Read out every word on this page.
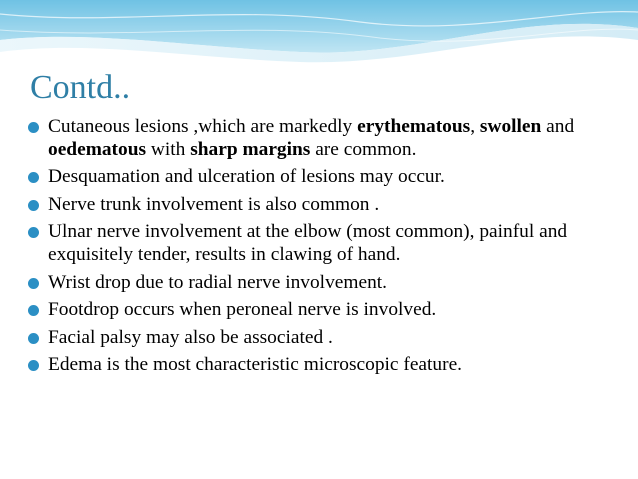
Contd..
Cutaneous lesions ,which are markedly erythematous, swollen and oedematous with sharp margins are common.
Desquamation and ulceration of lesions may occur.
Nerve trunk involvement is also common .
Ulnar nerve involvement at the elbow (most common), painful and exquisitely tender, results in clawing of hand.
Wrist drop due to radial nerve involvement.
Footdrop occurs when peroneal nerve is involved.
Facial palsy may also be associated .
Edema is the most characteristic microscopic feature.
